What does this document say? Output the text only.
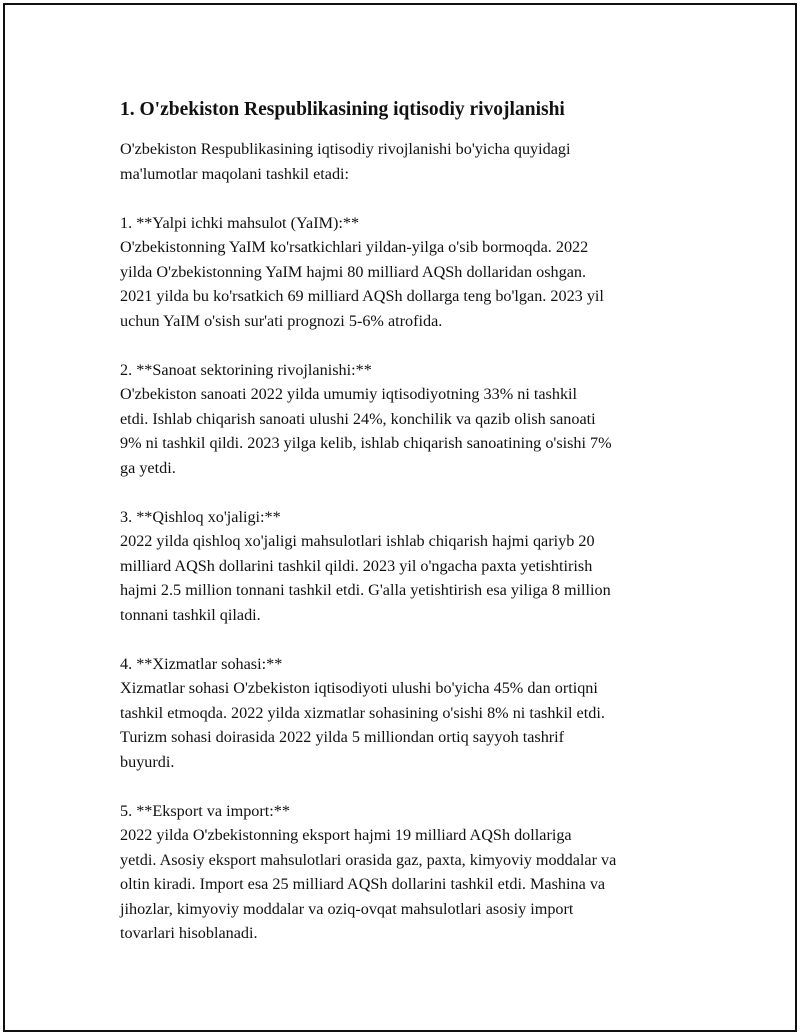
1. O'zbekiston Respublikasining iqtisodiy rivojlanishi
O'zbekiston Respublikasining iqtisodiy rivojlanishi bo'yicha quyidagi
ma'lumotlar maqolani tashkil etadi:
1. **Yalpi ichki mahsulot (YaIM):**
O'zbekistonning YaIM ko'rsatkichlari yildan-yilga o'sib bormoqda. 2022
yilda O'zbekistonning YaIM hajmi 80 milliard AQSh dollaridan oshgan.
2021 yilda bu ko'rsatkich 69 milliard AQSh dollarga teng bo'lgan. 2023 yil
uchun YaIM o'sish sur'ati prognozi 5-6% atrofida.
2. **Sanoat sektorining rivojlanishi:**
O'zbekiston sanoati 2022 yilda umumiy iqtisodiyotning 33% ni tashkil
etdi. Ishlab chiqarish sanoati ulushi 24%, konchilik va qazib olish sanoati
9% ni tashkil qildi. 2023 yilga kelib, ishlab chiqarish sanoatining o'sishi 7%
ga yetdi.
3. **Qishloq xo'jaligi:**
2022 yilda qishloq xo'jaligi mahsulotlari ishlab chiqarish hajmi qariyb 20
milliard AQSh dollarini tashkil qildi. 2023 yil o'ngacha paxta yetishtirish
hajmi 2.5 million tonnani tashkil etdi. G'alla yetishtirish esa yiliga 8 million
tonnani tashkil qiladi.
4. **Xizmatlar sohasi:**
Xizmatlar sohasi O'zbekiston iqtisodiyoti ulushi bo'yicha 45% dan ortiqni
tashkil etmoqda. 2022 yilda xizmatlar sohasining o'sishi 8% ni tashkil etdi.
Turizm sohasi doirasida 2022 yilda 5 milliondan ortiq sayyoh tashrif
buyurdi.
5. **Eksport va import:**
2022 yilda O'zbekistonning eksport hajmi 19 milliard AQSh dollariga
yetdi. Asosiy eksport mahsulotlari orasida gaz, paxta, kimyoviy moddalar va
oltin kiradi. Import esa 25 milliard AQSh dollarini tashkil etdi. Mashina va
jihozlar, kimyoviy moddalar va oziq-ovqat mahsulotlari asosiy import
tovarlari hisoblanadi.
